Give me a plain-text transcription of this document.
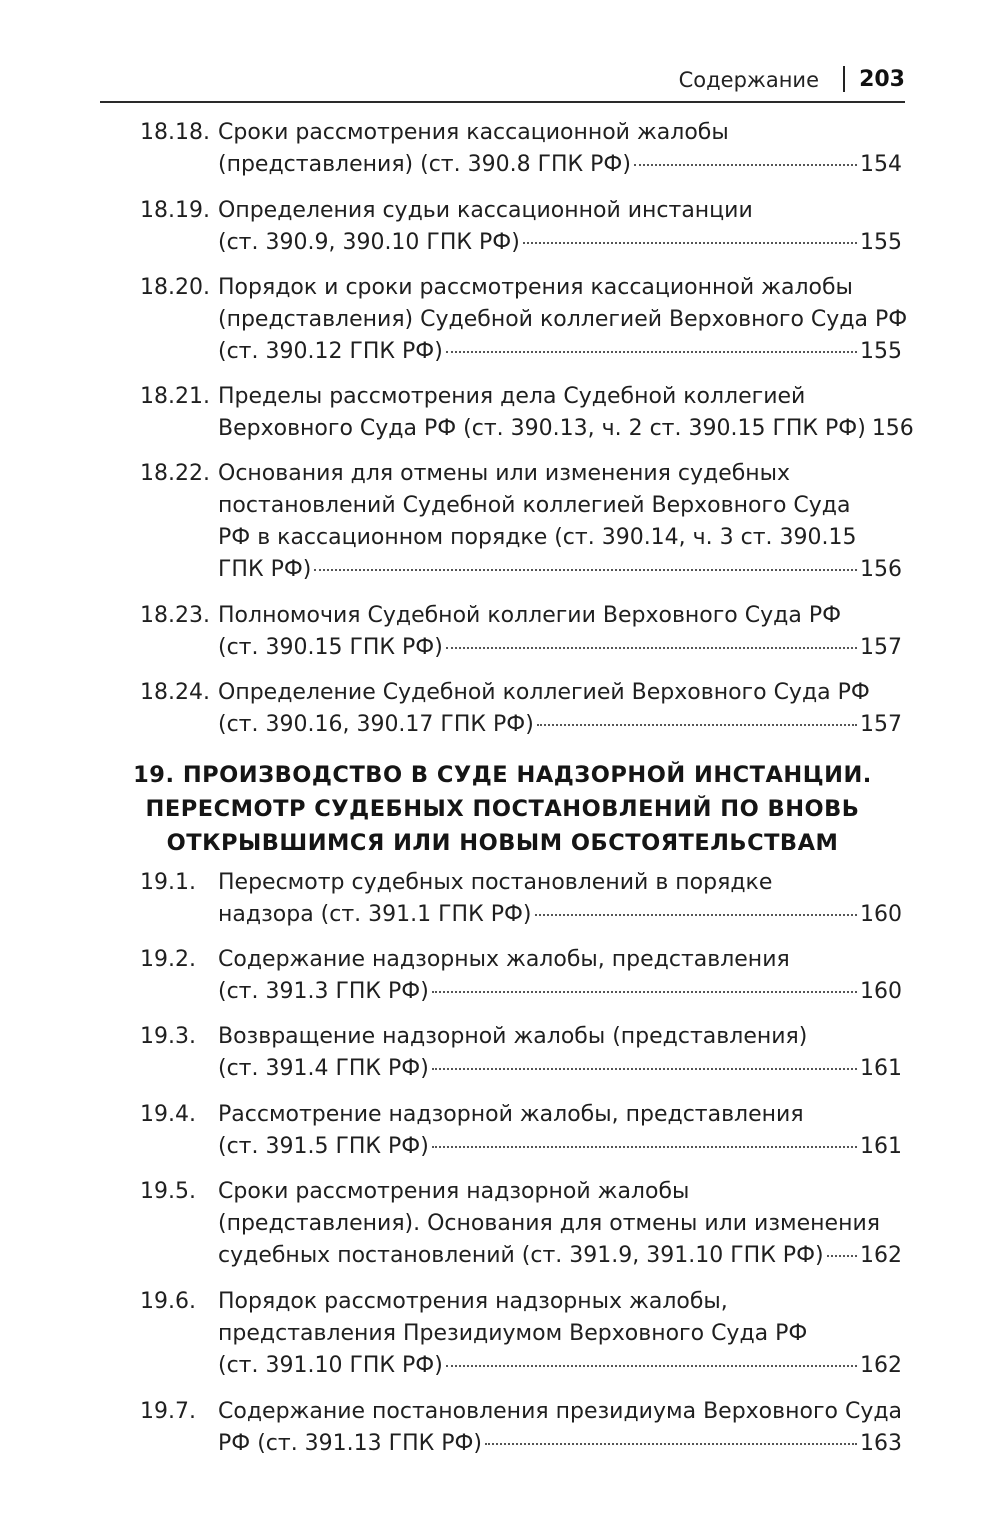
Содержание 203
18.18. Сроки рассмотрения кассационной жалобы
(представления) (ст. 390.8 ГПК РФ)	154
18.19. Определения судьи кассационной инстанции
(ст. 390.9, 390.10 ГПК РФ)	155
18.20. Порядок и сроки рассмотрения кассационной жалобы
(представления) Судебной коллегией Верховного Суда РФ
(ст. 390.12 ГПК РФ)	155
18.21. Пределы рассмотрения дела Судебной коллегией
Верховного Суда РФ (ст. 390.13, ч. 2 ст. 390.15 ГПК РФ) 156
18.22. Основания для отмены или изменения судебных
постановлений Судебной коллегией Верховного Суда
РФ в кассационном порядке (ст. 390.14, ч. 3 ст. 390.15
ГПК РФ)	156
18.23. Полномочия Судебной коллегии Верховного Суда РФ
(ст. 390.15 ГПК РФ)	157
18.24. Определение Судебной коллегией Верховного Суда РФ
(ст. 390.16, 390.17 ГПК РФ)	157
19. ПРОИЗВОДСТВО В СУДЕ НАДЗОРНОЙ ИНСТАНЦИИ.
ПЕРЕСМОТР СУДЕБНЫХ ПОСТАНОВЛЕНИЙ ПО ВНОВЬ
ОТКРЫВШИМСЯ ИЛИ НОВЫМ ОБСТОЯТЕЛЬСТВАМ
19.1. Пересмотр судебных постановлений в порядке
надзора (ст. 391.1 ГПК РФ)	160
19.2. Содержание надзорных жалобы, представления
(ст. 391.3 ГПК РФ)	160
19.3. Возвращение надзорной жалобы (представления)
(ст. 391.4 ГПК РФ)	161
19.4. Рассмотрение надзорной жалобы, представления
(ст. 391.5 ГПК РФ)	161
19.5. Сроки рассмотрения надзорной жалобы
(представления). Основания для отмены или изменения
судебных постановлений (ст. 391.9, 391.10 ГПК РФ) 162
19.6. Порядок рассмотрения надзорных жалобы,
представления Президиумом Верховного Суда РФ
(ст. 391.10 ГПК РФ)	162
19.7. Содержание постановления президиума Верховного Суда
РФ (ст. 391.13 ГПК РФ)	163
